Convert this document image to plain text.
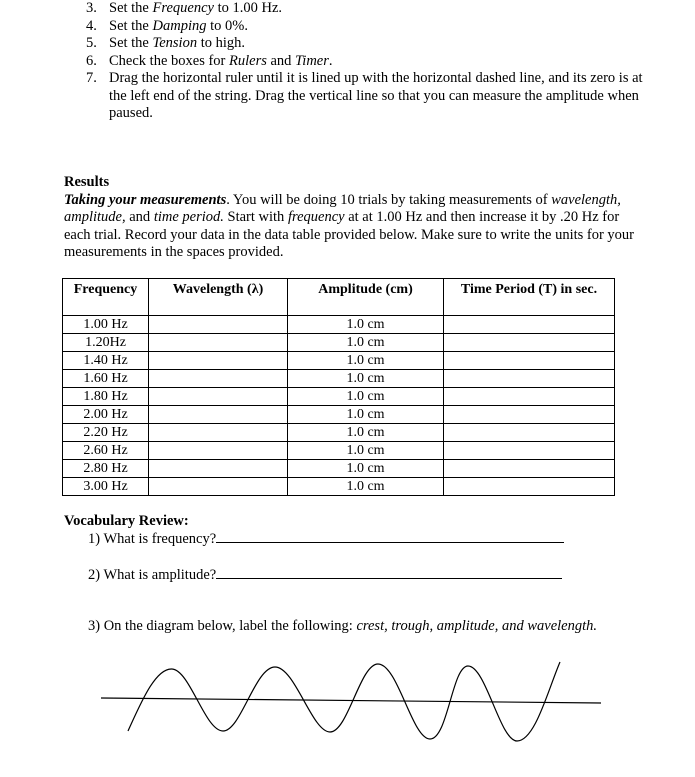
3. Set the Frequency to 1.00 Hz.
4. Set the Damping to 0%.
5. Set the Tension to high.
6. Check the boxes for Rulers and Timer.
7. Drag the horizontal ruler until it is lined up with the horizontal dashed line, and its zero is at the left end of the string. Drag the vertical line so that you can measure the amplitude when paused.
Results

Taking your measurements. You will be doing 10 trials by taking measurements of wavelength, amplitude, and time period. Start with frequency at at 1.00 Hz and then increase it by .20 Hz for each trial. Record your data in the data table provided below. Make sure to write the units for your measurements in the spaces provided.

Frequency	Wavelength (λ)	Amplitude (cm)	Time Period (T) in sec.
1.00 Hz		1.0 cm	
1.20Hz		1.0 cm	
1.40 Hz		1.0 cm	
1.60 Hz		1.0 cm	
1.80 Hz		1.0 cm	
2.00 Hz		1.0 cm	
2.20 Hz		1.0 cm	
2.60 Hz		1.0 cm	
2.80 Hz		1.0 cm	
3.00 Hz		1.0 cm	
Vocabulary Review:
1) What is frequency?
2) What is amplitude?
3) On the diagram below, label the following: crest, trough, amplitude, and wavelength.
